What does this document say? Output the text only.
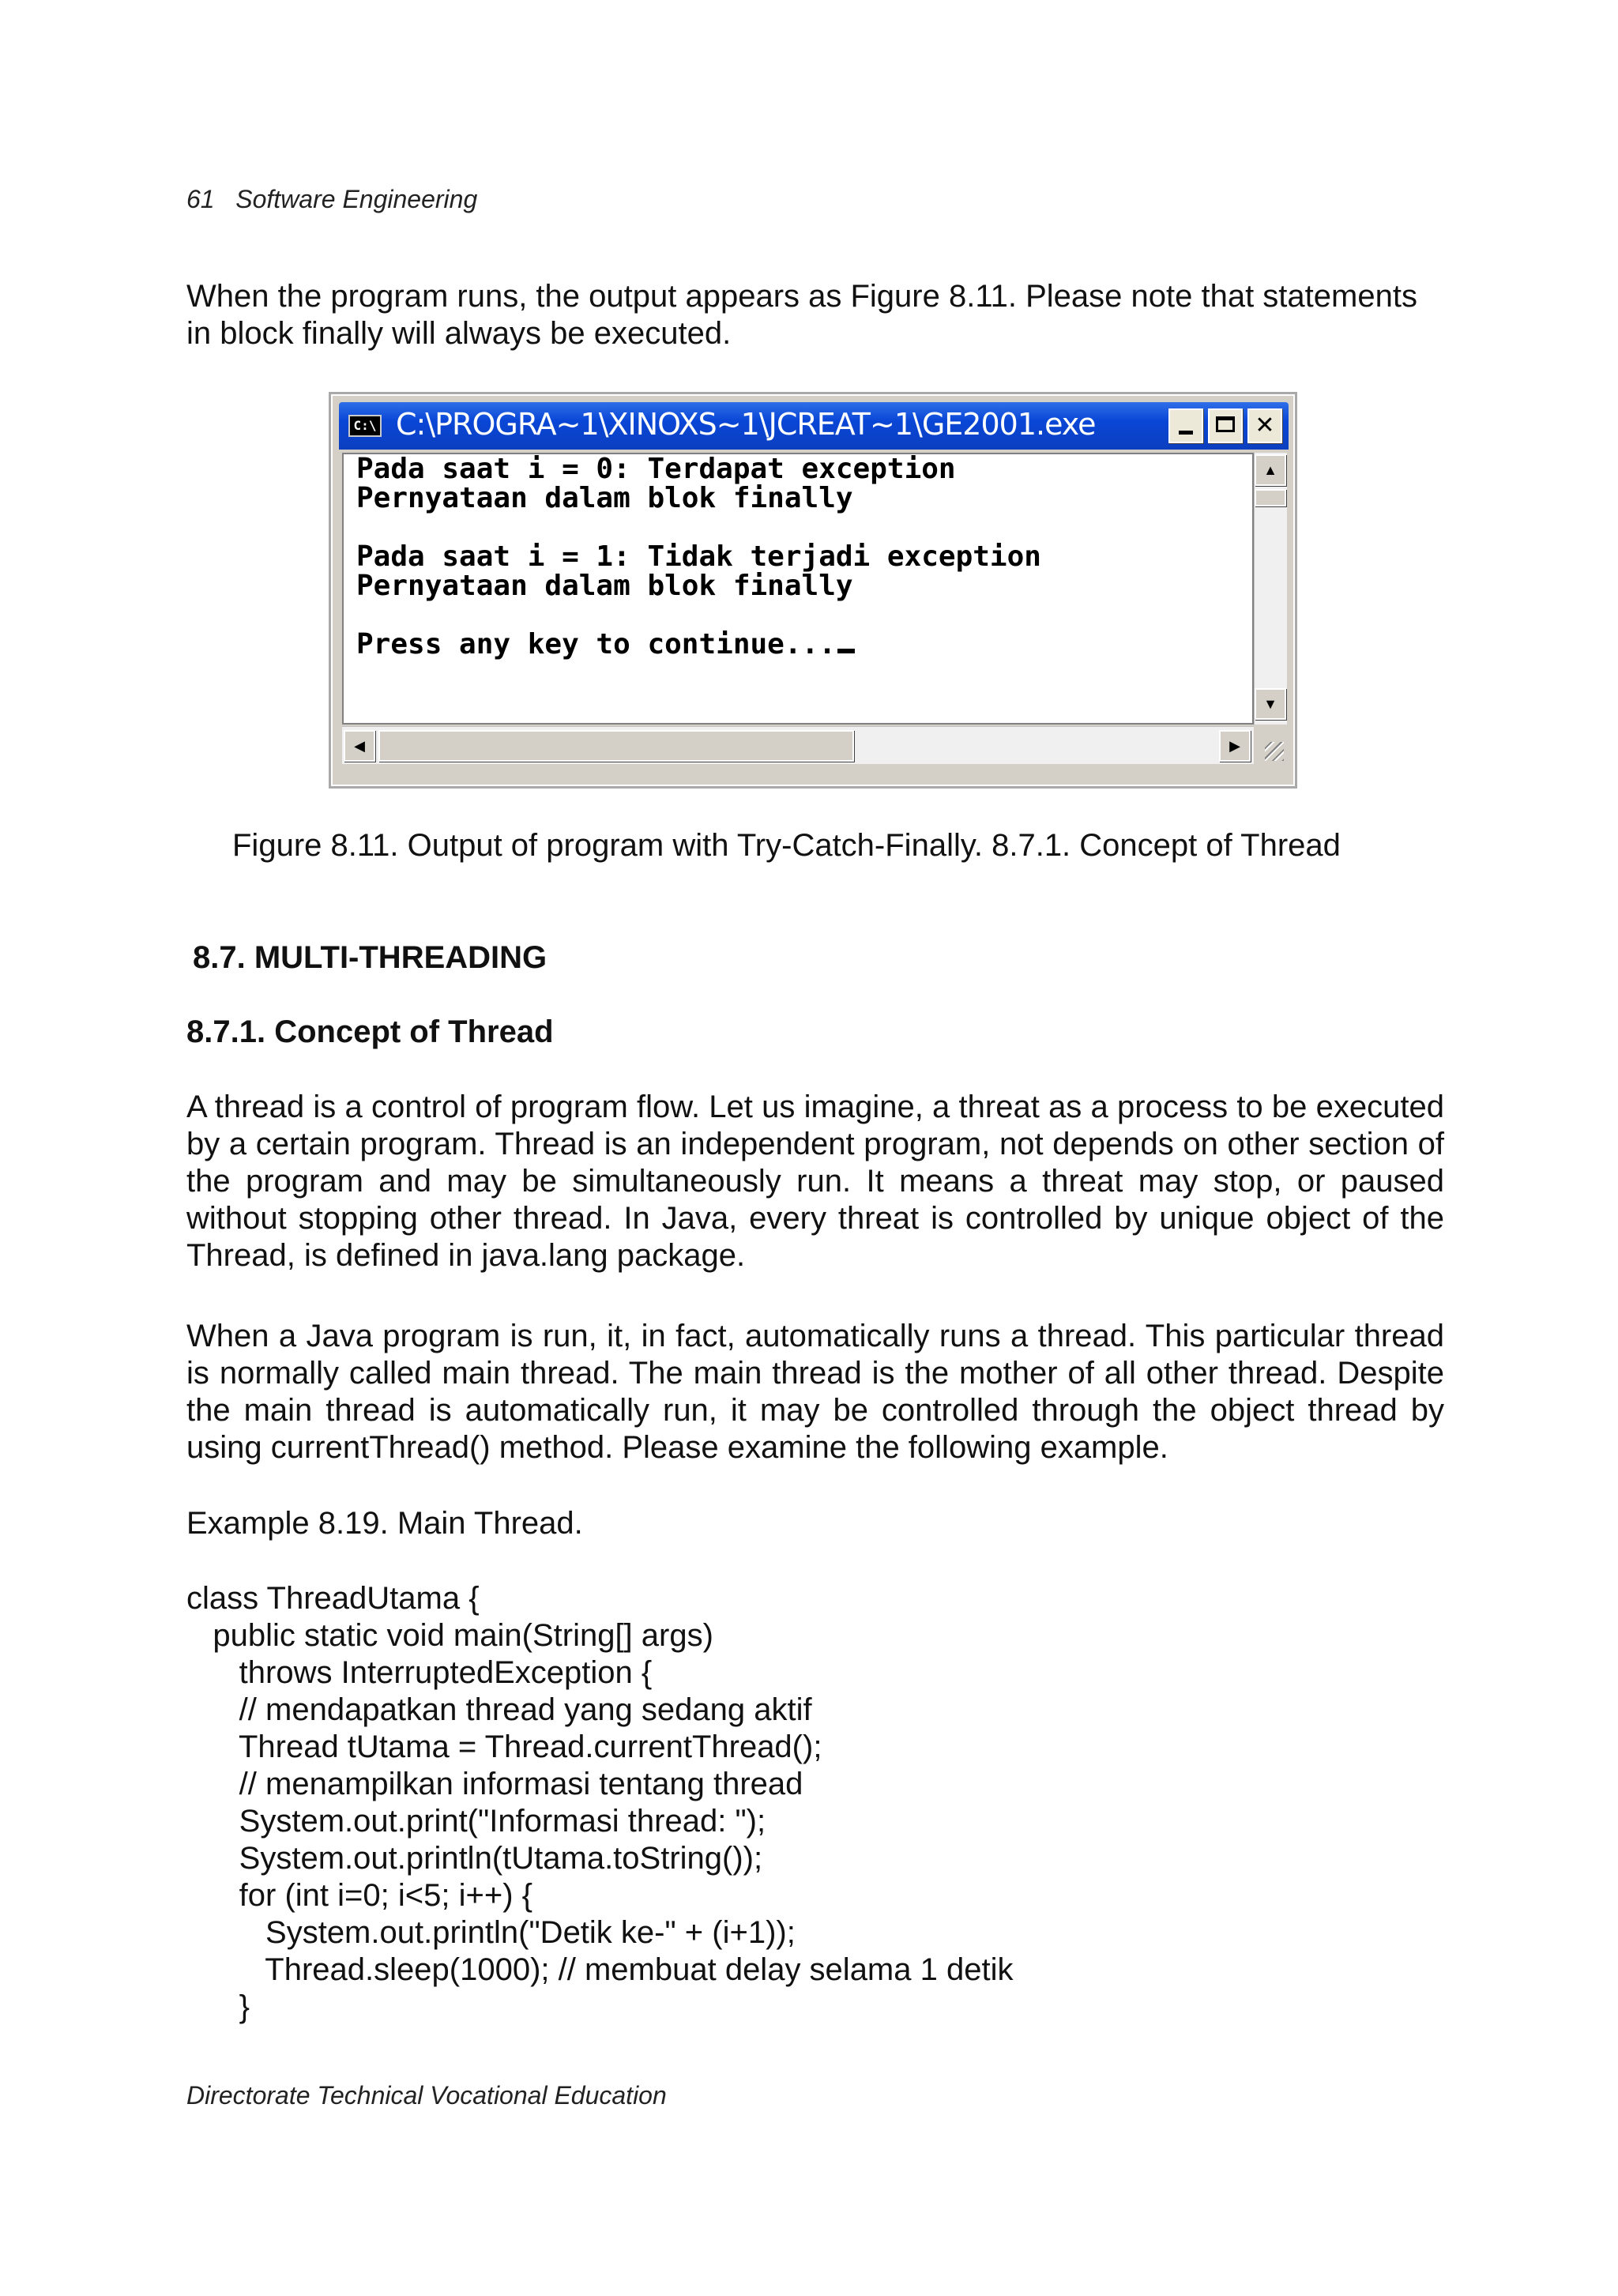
61 Software Engineering
When the program runs, the output appears as Figure 8.11. Please note that statements in block finally will always be executed.
C:\ C:\PROGRA~1\XINOXS~1\JCREAT~1\GE2001.exe	✕
Pada saat i = 0: Terdapat exception
Pernyataan dalam blok finally
Pada saat i = 1: Tidak terjadi exception
Pernyataan dalam blok finally
Press any key to continue...
▲
▼
◀	▶
Figure 8.11. Output of program with Try-Catch-Finally. 8.7.1. Concept of Thread
8.7. MULTI-THREADING
8.7.1. Concept of Thread
A thread is a control of program flow. Let us imagine, a threat as a process to be executed by a certain program. Thread is an independent program, not depends on other section of the program and may be simultaneously run. It means a threat may stop, or paused without stopping other thread. In Java, every threat is controlled by unique object of the Thread, is defined in java.lang package.
When a Java program is run, it, in fact, automatically runs a thread. This particular thread is normally called main thread. The main thread is the mother of all other thread. Despite the main thread is automatically run, it may be controlled through the object thread by using currentThread() method. Please examine the following example.
Example 8.19. Main Thread.
class ThreadUtama {
public static void main(String[] args)
throws InterruptedException {
// mendapatkan thread yang sedang aktif
Thread tUtama = Thread.currentThread();
// menampilkan informasi tentang thread
System.out.print("Informasi thread: ");
System.out.println(tUtama.toString());
for (int i=0; i<5; i++) {
System.out.println("Detik ke-" + (i+1));
Thread.sleep(1000); // membuat delay selama 1 detik
}
Directorate Technical Vocational Education
